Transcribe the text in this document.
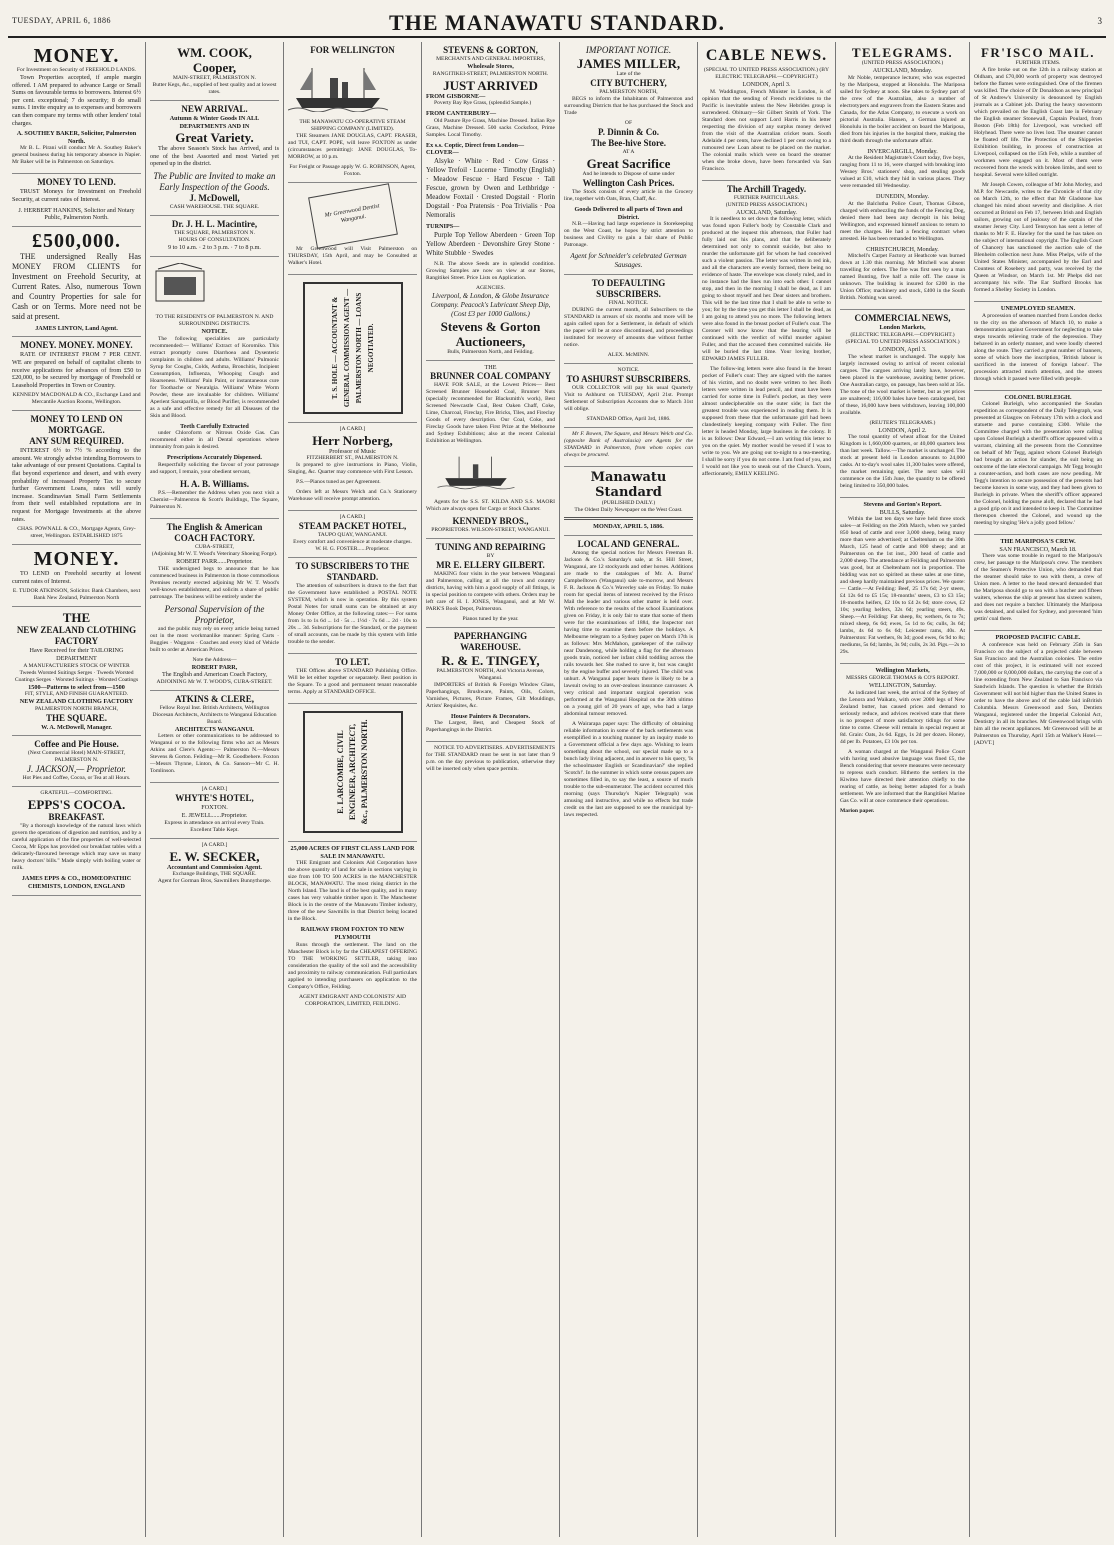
TUESDAY, APRIL 6, 1886	THE MANAWATU STANDARD.	3
MONEY.
For Investment on Security of FREEHOLD LANDS.

Town Properties accepted, if ample margin offered. I AM prepared to advance Large or Small Sums on favourable terms to borrowers. Interest 6½ per cent. exceptional; 7 do security; 8 do small sums. I invite enquiry as to expenses and borrowers can then compare my terms with other lenders' total charges.

A. SOUTHEY BAKER, Solicitor, Palmerston North.

Mr B. L. Pirani will conduct Mr A. Southey Baker's general business during his temporary absence in Napier. Mr Baker will be in Palmerston on Saturdays.

MONEY TO LEND.

TRUST Moneys for Investment on Freehold Security, at current rates of Interest.

J. HERBERT HANKINS, Solicitor and Notary Public, Palmerston North.
£500,000.

THE undersigned Really Has MONEY FROM CLIENTS for Investment on Freehold Security, at Current Rates. Also, numerous Town and Country Properties for sale for Cash or on Terms. More need not be said at present.

JAMES LINTON, Land Agent.
MONEY. MONEY. MONEY.

RATE OF INTEREST FROM 7 PER CENT. WE are prepared on behalf of capitalist clients to receive applications for advances of from £50 to £20,000, to be secured by mortgage of Freehold or Leasehold Properties in Town or Country.

KENNEDY MACDONALD & CO., Exchange Land and Mercantile Auction Rooms, Wellington.
MONEY TO LEND ON MORTGAGE.
ANY SUM REQUIRED.

INTEREST 6½ to 7½ % according to the amount. We strongly advise intending Borrowers to take advantage of our present Quotations. Capital is flat beyond experience and desert, and with every probability of increased Property Tax to secure further Government Loans, rates will surely increase. Scandinavian Small Farm Settlements from their well established reputations are in request for Mortgage Investments at the above rates.

CHAS. POWNALL & CO., Mortgage Agents, Grey-street, Wellington. ESTABLISHED 1875
MONEY.

TO LEND on Freehold security at lowest current rates of Interest.

E. TUDOR ATKINSON, Solicitor. Bank Chambers, next Bank New Zealand, Palmerston North
THE
NEW ZEALAND CLOTHING FACTORY
Have Received for their TAILORING DEPARTMENT
A MANUFACTURER'S STOCK OF WINTER
Tweeds Worsted Suitings Serges · Tweeds Worsted Coatings Serges · Worsted Suitings · Worsted Coatings
1500—Patterns to select from—1500
FIT, STYLE, AND FINISH GUARANTEED.
NEW ZEALAND CLOTHING FACTORY
PALMERSTON NORTH BRANCH,
THE SQUARE.
W. A. McDowell, Manager.
Coffee and Pie House.
(Next Commercial Hotel) MAIN-STREET, PALMERSTON N.
J. JACKSON,— Proprietor.
Hot Pies and Coffee, Cocoa, or Tea at all Hours.
GRATEFUL—COMFORTING.
EPPS'S COCOA.
BREAKFAST.

"By a thorough knowledge of the natural laws which govern the operations of digestion and nutrition, and by a careful application of the fine properties of well-selected Cocoa, Mr Epps has provided our breakfast tables with a delicately-flavoured beverage which may save us many heavy doctors' bills." Made simply with boiling water or milk.

JAMES EPPS & CO., HOMŒOPATHIC CHEMISTS, LONDON, ENGLAND
WM. COOK,
Cooper,
MAIN-STREET, PALMERSTON N.
Butter Kegs, &c., supplied of best quality and at lowest rates.
NEW ARRIVAL.
Autumn & Winter Goods IN ALL DEPARTMENTS AND IN
Great Variety.

The above Season's Stock has Arrived, and is one of the best Assorted and most Varied yet opened up in the district.

The Public are Invited to make an Early Inspection of the Goods.
J. McDowell,
CASH WAREHOUSE. THE SQUARE.
Dr. J. H. L. Macintire,
THE SQUARE, PALMERSTON N.
HOURS OF CONSULTATION.
9 to 10 a.m. · 2 to 3 p.m. · 7 to 8 p.m.
TO THE RESIDENTS OF PALMERSTON N. AND SURROUNDING DISTRICTS.
NOTICE.

The following specialities are particularly recommended:— Williams' Extract of Koromiko. This extract promptly cures Diarrhoea and Dysenteric complaints in children and adults. Williams' Pulmonic Syrup for Coughs, Colds, Asthma, Bronchitis, Incipient Consumption, Influenza, Whooping Cough and Hoarseness. Williams' Pain Paint, or instantaneous cure for Toothache or Neuralgia. Williams' White Worm Powder, these are invaluable for children. Williams' Aperient Sarsaparilla, or Blood Purifier, is recommended as a safe and effective remedy for all Diseases of the Skin and Blood.

Teeth Carefully Extracted

under Chloroform or Nitrous Oxide Gas. Can recommend either in all Dental operations where immunity from pain is desired.

Prescriptions Accurately Dispensed.

Respectfully soliciting the favour of your patronage and support, I remain, your obedient servant,

H. A. B. Williams.

P.S.—Remember the Address when you next visit a Chemist—Palmerston & Scott's Buildings, The Square, Palmerston N.

The English & American COACH FACTORY.
CUBA-STREET,
(Adjoining Mr W. T. Wood's Veterinary Shoeing Forge).
ROBERT PARR......Proprietor.

THE undersigned begs to announce that he has commenced business in Palmerston in those commodious Premises recently erected adjoining Mr W. T. Wood's well-known establishment, and solicits a share of public patronage. The business will be entirely under the

Personal Supervision of the Proprietor,

and the public may rely on every article being turned out in the most workmanlike manner: Spring Carts · Buggies · Waggons · Coaches and every kind of Vehicle built to order at American Prices.

Note the Address—
ROBERT PARR,
The English and American Coach Factory,
ADJOINING Mr W. T. WOOD'S, CUBA-STREET.
ATKINS & CLERE,
Fellow Royal Inst. British Architects, Wellington Diocesan Architects, Architects to Wanganui Education Board.
ARCHITECTS WANGANUI.

Letters or other communications to be addressed to Wanganui or to the following firms who act as Messrs Atkins and Clere's Agents:— Palmerston N.—Messrs Stevens & Gorton. Feilding—Mr R. Goodbehere. Foxton—Messrs Thynne, Linton, & Co. Sanson—Mr C. H. Tomlinson.

[A CARD.]
WHYTE'S HOTEL,
FOXTON.
E. JEWELL......Proprietor.
Express in attendance on arrival every Train.
Excellent Table Kept.
[A CARD.]
E. W. SECKER,
Accountant and Commission Agent.
Exchange Buildings, THE SQUARE.
Agent for Gorman Bros, Sawmillers Bunnythorpe.
FOR WELLINGTON
THE MANAWATU CO-OPERATIVE STEAM SHIPPING COMPANY (LIMITED).

THE Steamers JANE DOUGLAS, CAPT. FRASER, and TUI, CAPT. POPE, will leave FOXTON as under (circumstances permitting): JANE DOUGLAS, To-MORROW, at 10 p.m.

For Freight or Passage apply W. G. ROBINSON, Agent, Foxton.
Mr Greenwood Dentist Wanganui.

Mr Greenwood will Visit Palmerston on THURSDAY, 15th April, and may be Consulted at Walker's Hotel.

T. S. HOLE — ACCOUNTANT & GENERAL COMMISSION AGENT — PALMERSTON NORTH — LOANS NEGOTIATED.
[A CARD.]
Herr Norberg,
Professor of Music
FITZHERBERT ST., PALMERSTON N.

Is prepared to give instructions in Piano, Violin, Singing, &c. Quarter may commence with First Lesson.

P.S.—Pianos tuned as per Agreement.

Orders left at Messrs Welch and Co.'s Stationery Warehouse will receive prompt attention.

[A CARD.]
STEAM PACKET HOTEL,
TAUPO QUAY, WANGANUI.
Every comfort and convenience at moderate charges.
W. H. G. FOSTER......Proprietor.
TO SUBSCRIBERS TO THE STANDARD.

The attention of subscribers is drawn to the fact that the Government have established a POSTAL NOTE SYSTEM, which is now in operation. By this system Postal Notes for small sums can be obtained at any Money Order Office, at the following rates:— For sums from 1s to 1s 6d ... 1d · 5s ... 1½d · 7s 6d ... 2d · 10s to 20s ... 3d. Subscriptions for the Standard, or the payment of small accounts, can be made by this system with little trouble to the sender.

TO LET.

THE Offices above STANDARD Publishing Office. Will be let either together or separately. Best position in the Square. To a good and permanent tenant reasonable terms. Apply at STANDARD OFFICE.

E. LARCOMBE, CIVIL ENGINEER, ARCHITECT, &c., PALMERSTON NORTH.
25,000 ACRES OF FIRST CLASS LAND FOR SALE IN MANAWATU.

THE Emigrant and Colonists Aid Corporation have the above quantity of land for sale in sections varying in size from 100 TO 500 ACRES in the MANCHESTER BLOCK, MANAWATU. The most rising district in the North Island. The land is of the best quality, and in many cases has very valuable timber upon it. The Manchester Block is in the centre of the Manawatu Timber industry, three of the new Sawmills in that District being located in the Block.

RAILWAY FROM FOXTON TO NEW PLYMOUTH

Runs through the settlement. The land on the Manchester Block is by far the CHEAPEST OFFERING TO THE WORKING SETTLER, taking into consideration the quality of the soil and the accessibility and proximity to railway communication. Full particulars applied to intending purchasers on application to the Company's Office, Feilding.

AGENT EMIGRANT AND COLONISTS' AID CORPORATION, LIMITED, FEILDING.
STEVENS & GORTON,
MERCHANTS AND GENERAL IMPORTERS,
Wholesale Stores,
RANGITIKEI-STREET, PALMERSTON NORTH.
JUST ARRIVED
FROM GISBORNE—

Poverty Bay Rye Grass, (splendid Sample.)

FROM CANTERBURY—

Old Pasture Rye Grass, Machine Dressed. Italian Rye Grass, Machine Dressed. 500 sacks Cocksfoot, Prime Samples. Local Timothy.

Ex s.s. Coptic, Direct from London—
CLOVER—

Alsyke · White · Red · Cow Grass · Yellow Trefoil · Lucerne · Timothy (English) · Meadow Fescue · Hard Fescue · Tall Fescue, grown by Owen and Lethbridge · Meadow Foxtail · Crested Dogstail · Florin Dogstail · Poa Pratensis · Poa Trivialis · Poa Nemoralis

TURNIPS—

Purple Top Yellow Aberdeen · Green Top Yellow Aberdeen · Devonshire Grey Stone · White Stubble · Swedes

N.B. The above Seeds are in splendid condition. Growing Samples are now on view at our Stores, Rangitikei Street. Price Lists on Application.

AGENCIES.
Liverpool, & London, & Globe Insurance Company. Peacock's Lubricant Sheep Dip, (Cost £3 per 1000 Gallons.)
Stevens & Gorton Auctioneers,
Bulls, Palmerston North, and Feilding.
THE
BRUNNER COAL COMPANY

HAVE FOR SALE, at the Lowest Prices— Best Screened Brunner Household Coal, Brunner Nuts (specially recommended for Blacksmith's work), Best Screened Newcastle Coal, Best Oaken Chaff, Coke, Lime, Charcoal, Fireclay, Fire Bricks, Tiles, and Fireclay Goods of every description. Our Coal, Coke, and Fireclay Goods have taken First Prize at the Melbourne and Sydney Exhibitions; also at the recent Colonial Exhibition at Wellington.

Agents for the S.S. ST. KILDA AND S.S. MAORI Which are always open for Cargo or Stock Charter.

KENNEDY BROS.,
PROPRIETORS. WILSON-STREET, WANGANUI.
TUNING AND REPAIRING
BY
MR E. ELLERY GILBERT.

MAKING four visits in the year between Wanganui and Palmerston, calling at all the town and country districts, having with him a good supply of all fittings, is in special position to compete with others. Orders may be left care of H. I. JONES, Wanganui, and at Mr W. PARK'S Book Depot, Palmerston.

Pianos tuned by the year.
PAPERHANGING WAREHOUSE.
R. & E. TINGEY,
PALMERSTON NORTH, And Victoria Avenue, Wanganui.

IMPORTERS of British & Foreign Window Glass, Paperhangings, Brushware, Paints, Oils, Colors, Varnishes, Pictures, Picture Frames, Gilt Mouldings, Artists' Requisites, &c.

House Painters & Decorators.

The Largest, Best, and Cheapest Stock of Paperhangings in the District.

NOTICE TO ADVERTISERS. ADVERTISEMENTS for THE STANDARD must be sent in not later than 9 p.m. on the day previous to publication, otherwise they will be inserted only when space permits.

IMPORTANT NOTICE.
JAMES MILLER,
Late of the
CITY BUTCHERY,
PALMERSTON NORTH,

BEGS to inform the Inhabitants of Palmerston and surrounding Districts that he has purchased the Stock and Trade

OF
P. Dinnin & Co.
The Bee-hive Store.
AT A
Great Sacrifice
And he intends to Dispose of same under
Wellington Cash Prices.

The Stock consists of every article in the Grocery line, together with Oats, Bran, Chaff, &c.

Goods Delivered to all parts of Town and District.

N.B.—Having had large experience in Storekeeping on the West Coast, he hopes by strict attention to business and Civility to gain a fair share of Public Patronage.

Agent for Schneider's celebrated German Sausages.
TO DEFAULTING SUBSCRIBERS.
FINAL NOTICE.

DURING the current month, all Subscribers to the STANDARD in arrears of six months and more will be again called upon for a Settlement, in default of which the paper will be at once discontinued, and proceedings instituted for recovery of amounts due without further notice.

ALEX. McMINN.
NOTICE.
TO ASHURST SUBSCRIBERS.

OUR COLLECTOR will pay his usual Quarterly Visit to Ashhurst on TUESDAY, April 21st. Prompt Settlement of Subscription Accounts due to March 31st will oblige.

STANDARD Office, April 3rd, 1886.

Mr F. Bowen, The Square, and Messrs Welch and Co. (opposite Bank of Australasia) are Agents for the STANDARD in Palmerston, from whom copies can always be procured.

Manawatu Standard
(PUBLISHED DAILY.)
The Oldest Daily Newspaper on the West Coast.
MONDAY, APRIL 5, 1886.
LOCAL AND GENERAL.

Among the special notices for Messrs Freeman R. Jackson & Co.'s Saturday's sale, at St. Hill Street, Wanganui, are 12 stockyards and other horses. Additions are made to the catalogues of Mr. A. Burns' Campbelltown (Wanganui) sale to-morrow, and Messrs F. R. Jackson & Co.'s Waverley sale on Friday. To make room for special items of interest received by the Frisco Mail the leader and various other matter is held over. With reference to the results of the school Examinations given on Friday, it is only fair to state that some of them were for the examinations of 1884, the Inspector not having time to examine them before the holidays. A Melbourne telegram to a Sydney paper on March 17th is as follows: Mrs McMahon, gatekeeper of the railway near Dandenong, while holding a flag for the afternoon goods train, noticed her infant child toddling across the rails towards her. She rushed to save it, but was caught by the engine buffer and severely injured. The child was unhurt. A Wanganui paper hears there is likely to be a lawsuit owing to an over-zealous insurance canvasser. A very critical and important surgical operation was performed at the Wanganui Hospital on the 30th ultimo on a young girl of 20 years of age, who had a large abdominal tumour removed.

A Wairarapa paper says: The difficulty of obtaining reliable information in some of the back settlements was exemplified in a touching manner by an inquiry made to a Government official a few days ago. Wishing to learn something about the school, our special made up to a bunch lady living adjacent, and in answer to his query, 'Is the schoolmaster English or Scandinavian?' she replied 'Scotch!'. In the summer in which some census papers are sometimes filled in, to say the least, a source of much trouble to the sub-enumerator. The accident occurred this morning (says Thursday's Napier Telegraph) was amusing and instructive, and while no effects but trade credit on the last are supposed to see the municipal by-laws respected.

CABLE NEWS.
(SPECIAL TO UNITED PRESS ASSOCIATION.) (BY ELECTRIC TELEGRAPH.—COPYRIGHT.)
LONDON, April 3.

M. Waddington, French Minister in London, is of opinion that the sending of French recidivistes to the Pacific is inevitable unless the New Hebrides group is surrendered. Obituary—Sir Gilbert Smith of York. The Standard does not support Lord Harris in his letter respecting the division of any surplus money derived from the visit of the Australian cricket team. South Adelaide 4 per cents, have declined 1 per cent owing to a rumoured new Loan about to be placed on the market. The colonial mails which were on board the steamer when she broke down, have been forwarded via San Francisco.

The Archill Tragedy.
FURTHER PARTICULARS.
(UNITED PRESS ASSOCIATION.)
AUCKLAND, Saturday.

It is needless to set down the following letter, which was found upon Fuller's body by Constable Clark and produced at the inquest this afternoon, that Fuller had fully laid out his plans, and that he deliberately determined not only to commit suicide, but also to murder the unfortunate girl for whom he had conceived such a violent passion. The letter was written in red ink, and all the characters are evenly formed, there being no evidence of haste. The envelope was closely ruled, and in no instance had the lines run into each other. I cannot stop, and then in the morning I shall be dead, as I am going to shoot myself and her. Dear sisters and brothers. This will be the last time that I shall be able to write to you; for by the time you get this letter I shall be dead, as I am going to attend you no more. The following letters were also found in the breast pocket of Fuller's coat. The Coroner will now know that the hearing will be continued with the verdict of wilful murder against Fuller, and that the accused then committed suicide. He will be buried the last time. Your loving brother, EDWARD JAMES FULLER.

The follow-ing letters were also found in the breast pocket of Fuller's coat: They are signed with the names of his victim, and no doubt were written to her. Both letters were written in lead pencil, and must have been carried for some time in Fuller's pocket, as they were almost undecipherable on the outer side; in fact the greatest trouble was experienced in reading them. It is supposed from these that the unfortunate girl had been clandestinely keeping company with Fuller. The first letter is headed Monday, large business in the colony. It is as follows: Dear Edward,—I am writing this letter to you on the quiet. My mother would be vexed if I was to write to you. We are going out to-night to a tea-meeting. I shall be sorry if you do not come. I am fond of you, and I would not like you to sneak out of the Church. Yours, affectionately, EMILY KEELING.

TELEGRAMS.
(UNITED PRESS ASSOCIATION.)
AUCKLAND, Monday.

Mr Noble, temperance lecturer, who was expected by the Mariposa, stopped at Honolulu. The Mariposa sailed for Sydney at noon. She takes to Sydney part of the crew of the Australian, also a number of electrotypers and engravers from the Eastern States and Canada, for the Atlas Company, to execute a work on pictorial Australia. Hansen, a German injured at Honolulu in the boiler accident on board the Mariposa, died from his injuries in the hospital there, making the third death through the unfortunate affair.

INVERCARGILL, Monday.

At the Resident Magistrate's Court today, five boys, ranging from 11 to 16, were charged with breaking into Wesney Bros.' stationers' shop, and stealing goods valued at £10, which they hid in various places. They were remanded till Wednesday.

DUNEDIN, Monday.

At the Balclutha Police Court, Thomas Gibson, charged with embezzling the funds of the Fencing Dog, denied there had been any decrepit in his being Wellington, and expressed himself anxious to return to meet the charges. He had a fencing contract when arrested. He has been remanded to Wellington.

CHRISTCHURCH, Monday.

Mitchell's Carpet Factory at Heathcote was burned down at 1.30 this morning. Mr Mitchell was absent travelling for orders. The fire was first seen by a man named Bunting, five half a mile off. The cause is unknown. The building is insured for £200 in the Union Office; machinery and stock, £400 in the South British. Nothing was saved.

COMMERCIAL NEWS,
London Markets,
(ELECTRIC TELEGRAPH.—COPYRIGHT.) (SPECIAL TO UNITED PRESS ASSOCIATION.)
LONDON, April 3.

The wheat market is unchanged. The supply has largely increased owing to arrival of recent colonial cargoes. The cargoes arriving lately have, however, been placed in the warehouse, awaiting better prices. One Australian cargo, on passage, has been sold at 35s. The tone of the wool market is better, but as yet prices are unaltered; 116,000 bales have been catalogued, but of these, 16,000 have been withdrawn, leaving 100,000 available.

(REUTER'S TELEGRAMS.)
LONDON, April 2.

The total quantity of wheat afloat for the United Kingdom is 1,660,000 quarters, or 40,000 quarters less than last week. Tallow.—The market is unchanged. The stock at present held in London amounts to 24,000 casks. At to-day's wool sales 11,300 bales were offered, the market remaining quiet. The next sales will commence on the 15th June, the quantity to be offered being limited to 350,000 bales.

Stevens and Gorton's Report.
BULLS, Saturday.

Within the last ten days we have held three stock sales—at Feilding on the 26th March, when we yarded 850 head of cattle and over 3,000 sheep, being many more than were advertised; at Cheltenham on the 30th March, 125 head of cattle and 800 sheep; and at Palmerston on the 1st inst., 200 head of cattle and 2,000 sheep. The attendance at Feilding and Palmerston was good, but at Cheltenham not in proportion. The bidding was not so spirited as these sales at one time, and sheep hardly maintained previous prices. We quote:— Cattle.—At Feilding: Beef, 25 17s 6d; 2-yr steers, £4 12s 6d to £5 15s; 18-months' steers, £3 to £3 15s; 18-months heifers, £2 10s to £4 2s 6d; store cows, £2 10s; yearling heifers, 32s 6d; yearling steers, 40s. Sheep.—At Feilding: Fat sheep, 8s; wethers, 6s to 7s; mixed sheep, 6s 6d; ewes, 5s 1d to 6s; culls, 3s 6d; lambs, 4s 6d to 6s 6d; Leicester rams, 40s. At Palmerston: Fat wethers, 8s 3d; good ewes, 6s 9d to 8s; mediums, 5s 6d; lambs, 3s 9d; culls, 2s 3d. Pigs.—2s to 29s.

Wellington Markets,
MESSRS GEORGE THOMAS & CO'S REPORT.
WELLINGTON, Saturday.

As indicated last week, the arrival of the Sydney of the Lenora and Waikato, with over 2000 legs of New Zealand butter, has caused prices and demand to seriously reduce, and advices received state that there is no prospect of more satisfactory tidings for some time to come. Cheese will remain in special request at 8d. Grain: Oats, 2s 6d. Eggs, 1s 2d per dozen. Honey, 4d per lb. Potatoes, £3 10s per ton.

A woman charged at the Wanganui Police Court with having used abusive language was fined £5, the Bench considering that severe measures were necessary to repress such conduct. Hitherto the settlers in the Kiwitea have directed their attention chiefly to the rearing of cattle, as being better adapted for a bush settlement. We are informed that the Rangitikei Marine Gas Co. will at once commence their operations.

Marion paper.
FR'ISCO MAIL.
FURTHER ITEMS.

A fire broke out on the 12th in a railway station at Oldham, and £70,000 worth of property was destroyed before the flames were extinguished. One of the firemen was killed. The choice of Dr Donaldson as new principal of St Andrew's University is denounced by English journals as a Cabinet job. During the heavy snowstorm which prevailed on the English Coast late in February the English steamer Stonewall, Captain Poulard, from Boston (Feb 18th) for Liverpool, was wrecked off Holyhead. There were no lives lost. The steamer cannot be floated off life. The Protection of the Shipperies Exhibition building, in process of construction at Liverpool, collapsed on the 15th Feb, while a number of workmen were engaged on it. Most of them were recovered from the wreck with broken limbs, and sent to hospital. Several were killed outright.

Mr Joseph Cowen, colleague of Mr John Morley, and M.P. for Newcastle, writes to the Chronicle of that city on March 12th, to the effect that Mr Gladstone has changed his mind about severity and discipline. A riot occurred at Bristol on Feb 17, between Irish and English sailors, growing out of jealousy of the captain of the steamer Jersey City. Lord Tennyson has sent a letter of thanks to Mr F. E. Hawley for the sand he has taken on the subject of international copyright. The English Court of Chancery has sanctioned the auction sale of the Blenheim collection next June. Miss Phelps, wife of the United States Minister, accompanied by the Earl and Countess of Rosebery and party, was received by the Queen at Windsor, on March 1st. Mr Phelps did not accompany his wife. The Ear Stafford Brooks has formed a Shelley Society in London.

UNEMPLOYED SEAMEN.

A procession of seamen marched from London docks to the city on the afternoon of March 10, to make a demonstration against Government for neglecting to take steps towards relieving trade of the depression. They behaved in an orderly manner, and were loudly cheered along the route. They carried a great number of banners, some of which bore the inscription, 'British labour is sacrificed in the interest of foreign labour'. The procession attracted much attention, and the streets through which it passed were filled with people.

COLONEL BURLEIGH.

Colonel Burleigh, who accompanied the Soudan expedition as correspondent of the Daily Telegraph, was presented at Glasgow on February 17th with a clock and statuette and purse containing £300. While the Committee charged with the presentation were calling upon Colonel Burleigh a sheriff's officer appeared with a warrant, claiming all the presents from the Committee on behalf of Mr Tegg, against whom Colonel Burleigh had brought an action for slander, the suit being an outcome of the late electoral campaign. Mr Tegg brought a counter-action, and both cases are now pending. Mr Tegg's intention to secure possession of the presents had become known in some way, and they had been given to Burleigh in private. When the sheriff's officer appeared the Colonel, holding the purse aloft, declared that he had a good grip on it and intended to keep it. The Committee thereupon cheered the Colonel, and wound up the meeting by singing 'He's a jolly good fellow.'

THE MARIPOSA'S CREW.
SAN FRANCISCO, March 18.

There was some trouble in regard to the Mariposa's crew, her passage to the Mariposa's crew. The members of the Seamen's Protective Union, who demanded that the steamer should take to sea with them, a crew of Union men. A letter to the head steward demanded that the Mariposa should go to sea with a butcher and fifteen waiters, whereas the ship at present has sixteen waiters, and does not require a butcher. Ultimately the Mariposa was detained, and sailed for Sydney, and prevented 'him gettin' coal there.

PROPOSED PACIFIC CABLE.

A conference was held on February 25th in San Francisco on the subject of a projected cable between San Francisco and the Australian colonies. The entire cost of this project, it is estimated will not exceed 7,000,000 or 8,000,000 dollars, the carrying the cost of a line extending from New Zealand to San Francisco via Sandwich Islands. The question is whether the British Government will not bid higher than the United States in order to have the above and of the cable laid inBritish Columbia. Messrs Greenwood and Son, Dentists Wanganui, registered under the Imperial Colonial Act, Dentistry in all its branches. Mr Greenwood brings with him all the recent appliances. Mr Greenwood will be at Palmerston on Thursday, April 15th at Walker's Hotel.—[ADVT.]
